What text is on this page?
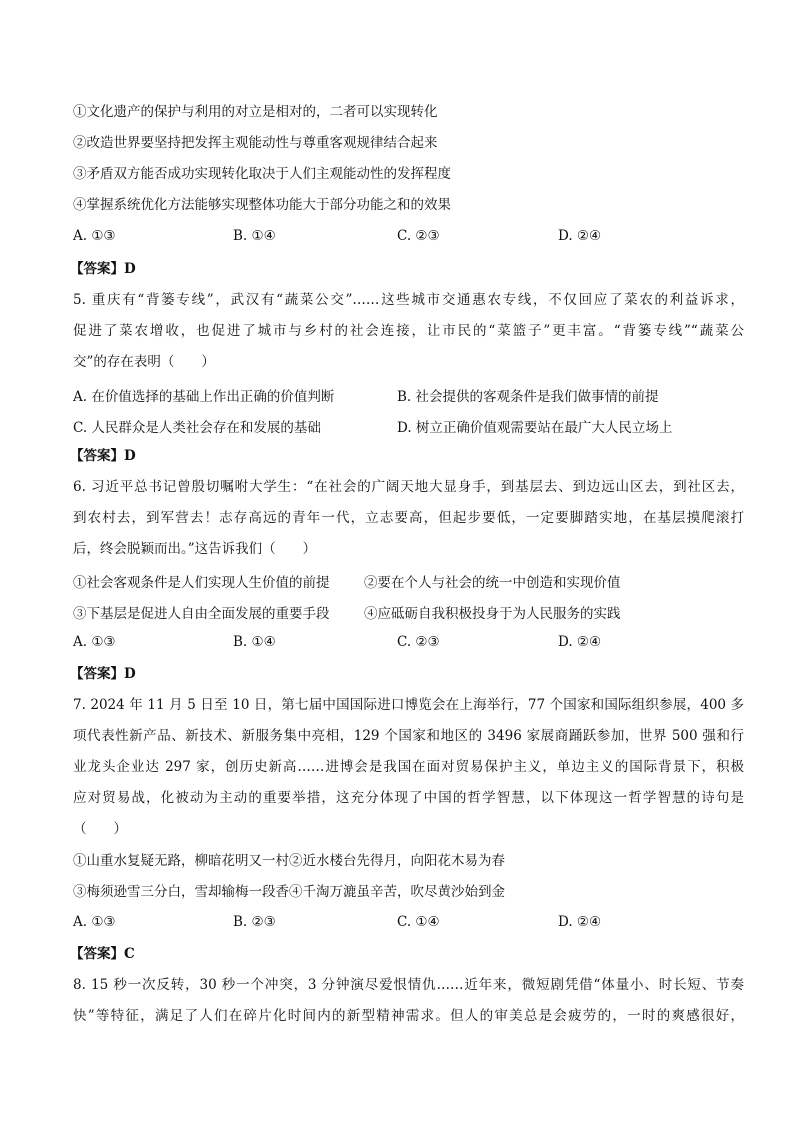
①文化遗产的保护与利用的对立是相对的，二者可以实现转化
②改造世界要坚持把发挥主观能动性与尊重客观规律结合起来
③矛盾双方能否成功实现转化取决于人们主观能动性的发挥程度
④掌握系统优化方法能够实现整体功能大于部分功能之和的效果
A. ①③	B. ①④	C. ②③	D. ②④
【答案】D
5. 重庆有“背篓专线”，武汉有“蔬菜公交”……这些城市交通惠农专线，不仅回应了菜农的利益诉求，
促进了菜农增收，也促进了城市与乡村的社会连接，让市民的“菜篮子”更丰富。“背篓专线”“蔬菜公
交”的存在表明（　　）
A. 在价值选择的基础上作出正确的价值判断	B. 社会提供的客观条件是我们做事情的前提
C. 人民群众是人类社会存在和发展的基础	D. 树立正确价值观需要站在最广大人民立场上
【答案】D
6. 习近平总书记曾殷切嘱咐大学生：“在社会的广阔天地大显身手，到基层去、到边远山区去，到社区去，
到农村去，到军营去！志存高远的青年一代，立志要高，但起步要低，一定要脚踏实地，在基层摸爬滚打
后，终会脱颖而出。”这告诉我们（　　）
①社会客观条件是人们实现人生价值的前提	②要在个人与社会的统一中创造和实现价值
③下基层是促进人自由全面发展的重要手段	④应砥砺自我积极投身于为人民服务的实践
A. ①③	B. ①④	C. ②③	D. ②④
【答案】D
7. 2024 年 11 月 5 日至 10 日，第七届中国国际进口博览会在上海举行，77 个国家和国际组织参展，400 多
项代表性新产品、新技术、新服务集中亮相，129 个国家和地区的 3496 家展商踊跃参加，世界 500 强和行
业龙头企业达 297 家，创历史新高……进博会是我国在面对贸易保护主义，单边主义的国际背景下，积极
应对贸易战，化被动为主动的重要举措，这充分体现了中国的哲学智慧，以下体现这一哲学智慧的诗句是
（　　）
①山重水复疑无路，柳暗花明又一村②近水楼台先得月，向阳花木易为春
③梅须逊雪三分白，雪却输梅一段香④千淘万漉虽辛苦，吹尽黄沙始到金
A. ①③	B. ②③	C. ①④	D. ②④
【答案】C
8. 15 秒一次反转，30 秒一个冲突，3 分钟演尽爱恨情仇……近年来，微短剧凭借“体量小、时长短、节奏
快”等特征，满足了人们在碎片化时间内的新型精神需求。但人的审美总是会疲劳的，一时的爽感很好，
